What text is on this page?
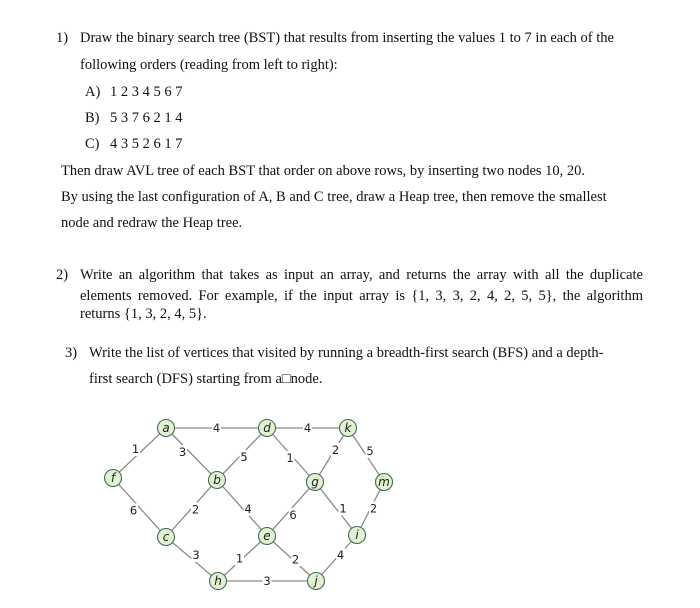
1) Draw the binary search tree (BST) that results from inserting the values 1 to 7 in each of the

following orders (reading from left to right):

A) 1 2 3 4 5 6 7

B) 5 3 7 6 2 1 4

C) 4 3 5 2 6 1 7

Then draw AVL tree of each BST that order on above rows, by inserting two nodes 10, 20.

By using the last configuration of A, B and C tree, draw a Heap tree, then remove the smallest

node and redraw the Heap tree.

2) Write an algorithm that takes as input an array, and returns the array with all the duplicate

elements removed. For example, if the input array is {1, 3, 3, 2, 4, 2, 5, 5}, the algorithm

returns {1, 3, 2, 4, 5}.

3) Write the list of vertices that visited by running a breadth-first search (BFS) and a depth-

first search (DFS) starting from a□node.

4	4
1	3	5	1
2 5
6	2	4	6	1 2
3	1	2	4
3
a
b
c
d
e
f	g
h
i
j
k
m
